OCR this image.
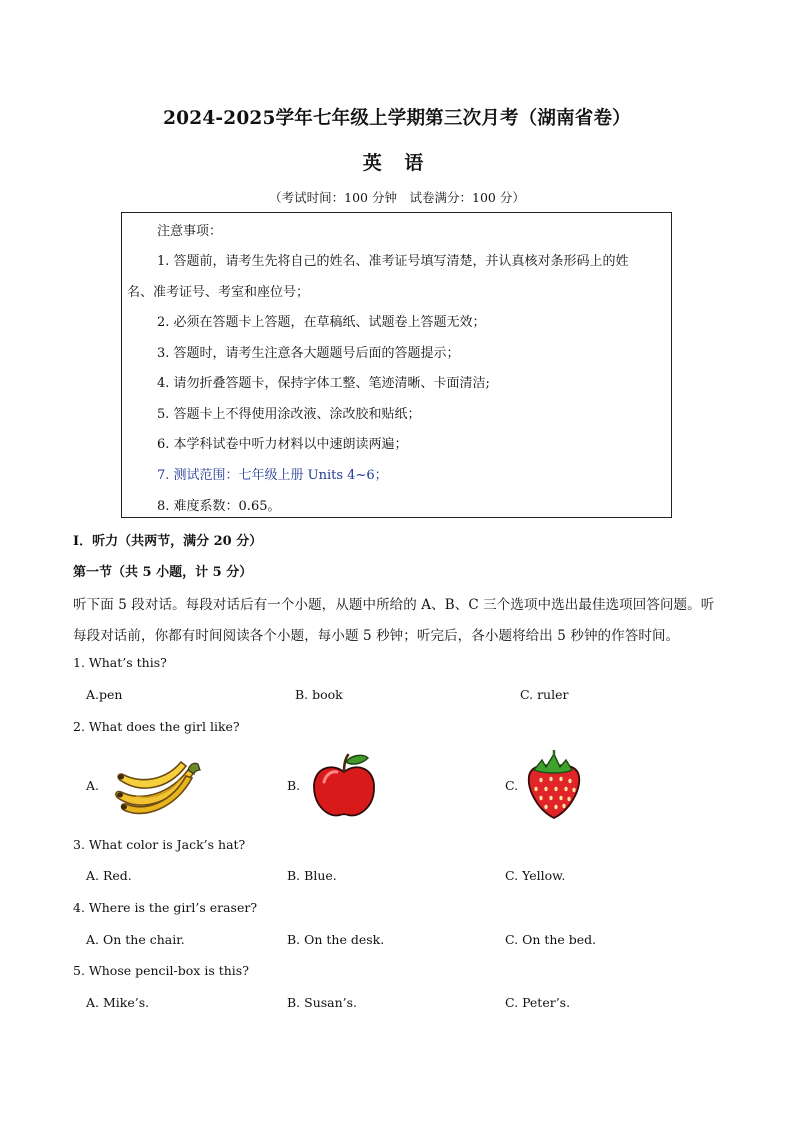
2024-2025学年七年级上学期第三次月考（湖南省卷）
英 语
（考试时间：100 分钟　试卷满分：100 分）
注意事项：
1. 答题前，请考生先将自己的姓名、准考证号填写清楚，并认真核对条形码上的姓
名、准考证号、考室和座位号；
2. 必须在答题卡上答题，在草稿纸、试题卷上答题无效；
3. 答题时，请考生注意各大题题号后面的答题提示；
4. 请勿折叠答题卡，保持字体工整、笔迹清晰、卡面清洁;
5. 答题卡上不得使用涂改液、涂改胶和贴纸；
6. 本学科试卷中听力材料以中速朗读两遍；
7. 测试范围：七年级上册 Units 4~6；
8. 难度系数：0.65。
I．听力（共两节，满分 20 分）
第一节（共 5 小题，计 5 分）
听下面 5 段对话。每段对话后有一个小题，从题中所给的 A、B、C 三个选项中选出最佳选项回答问题。听
每段对话前，你都有时间阅读各个小题，每小题 5 秒钟；听完后，各小题将给出 5 秒钟的作答时间。
1. What’s this?
A.pen	B. book	C. ruler
2. What does the girl like?
A.	B.	C.
3. What color is Jack’s hat?
A. Red.	B. Blue.	C. Yellow.
4. Where is the girl’s eraser?
A. On the chair.	B. On the desk.	C. On the bed.
5. Whose pencil-box is this?
A. Mike’s.	B. Susan’s.	C. Peter’s.
